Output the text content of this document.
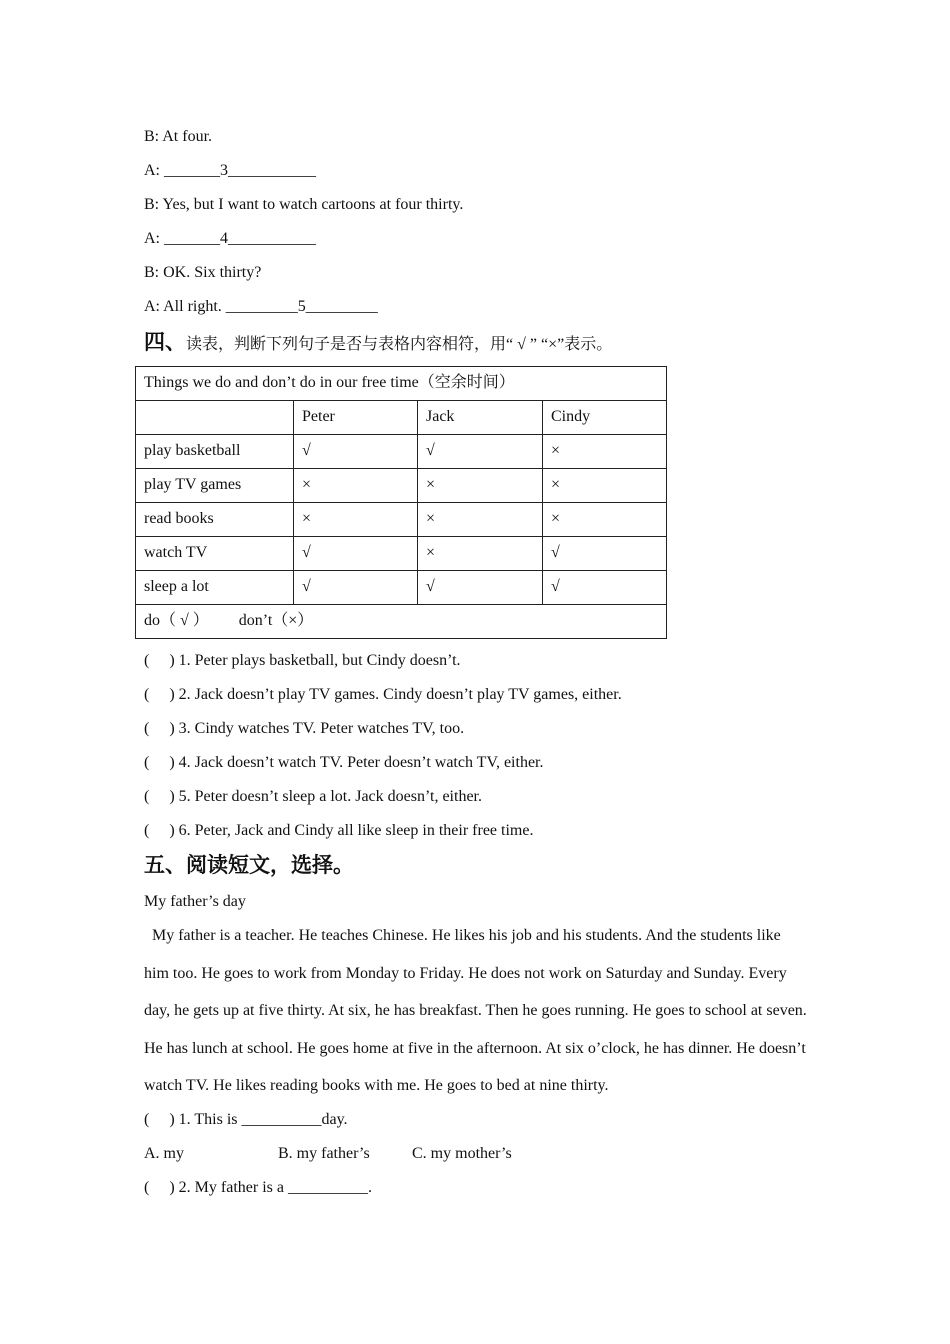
B: At four.
A: _______3___________
B: Yes, but I want to watch cartoons at four thirty.
A: _______4___________
B: OK. Six thirty?
A: All right. _________5_________
四、读表，判断下列句子是否与表格内容相符，用“ √ ” “×”表示。
Things we do and don’t do in our free time（空余时间）			
	Peter	Jack	Cindy
play basketball	√	√	×
play TV games	×	×	×
read books	×	×	×
watch TV	√	×	√
sleep a lot	√	√	√
do（ √ ） don’t（×）			
(     ) 1. Peter plays basketball, but Cindy doesn’t.
(     ) 2. Jack doesn’t play TV games. Cindy doesn’t play TV games, either.
(     ) 3. Cindy watches TV. Peter watches TV, too.
(     ) 4. Jack doesn’t watch TV. Peter doesn’t watch TV, either.
(     ) 5. Peter doesn’t sleep a lot. Jack doesn’t, either.
(     ) 6. Peter, Jack and Cindy all like sleep in their free time.
五、阅读短文，选择。
My father’s day
My father is a teacher. He teaches Chinese. He likes his job and his students. And the students like him too. He goes to work from Monday to Friday. He does not work on Saturday and Sunday. Every day, he gets up at five thirty. At six, he has breakfast. Then he goes running. He goes to school at seven. He has lunch at school. He goes home at five in the afternoon. At six o’clock, he has dinner. He doesn’t watch TV. He likes reading books with me. He goes to bed at nine thirty.
(     ) 1. This is __________day.
A. my	B. my father’s	C. my mother’s
(     ) 2. My father is a __________.
